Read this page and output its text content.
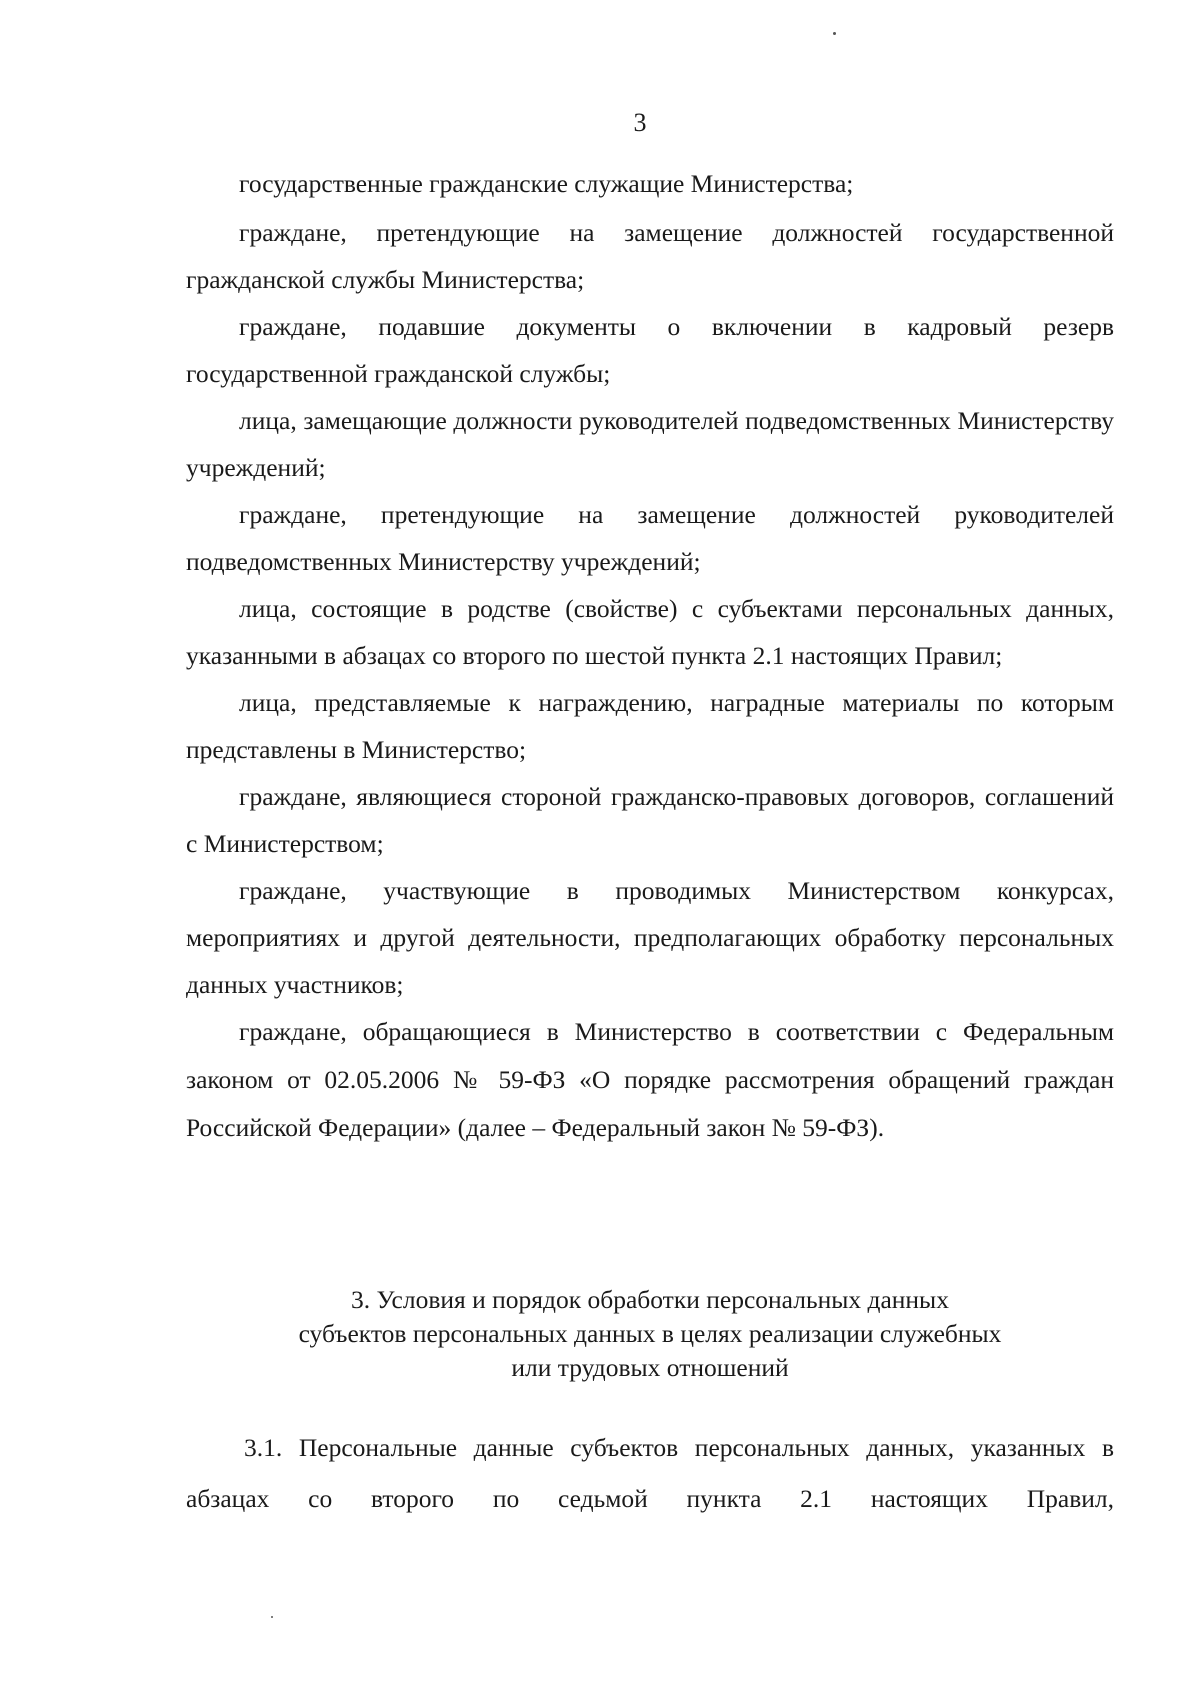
3

государственные гражданские служащие Министерства;

граждане, претендующие на замещение должностей государственной гражданской службы Министерства;

граждане, подавшие документы о включении в кадровый резерв государственной гражданской службы;

лица, замещающие должности руководителей подведомственных Министерству учреждений;

граждане, претендующие на замещение должностей руководителей подведомственных Министерству учреждений;

лица, состоящие в родстве (свойстве) с субъектами персональных данных, указанными в абзацах со второго по шестой пункта 2.1 настоящих Правил;

лица, представляемые к награждению, наградные материалы по которым представлены в Министерство;

граждане, являющиеся стороной гражданско-правовых договоров, соглашений с Министерством;

граждане, участвующие в проводимых Министерством конкурсах, мероприятиях и другой деятельности, предполагающих обработку персональных данных участников;

граждане, обращающиеся в Министерство в соответствии с Федеральным законом от 02.05.2006 № 59-ФЗ «О порядке рассмотрения обращений граждан Российской Федерации» (далее – Федеральный закон № 59-ФЗ).

3. Условия и порядок обработки персональных данных
субъектов персональных данных в целях реализации служебных
или трудовых отношений

3.1. Персональные данные субъектов персональных данных, указанных в абзацах со второго по седьмой пункта 2.1 настоящих Правил,
